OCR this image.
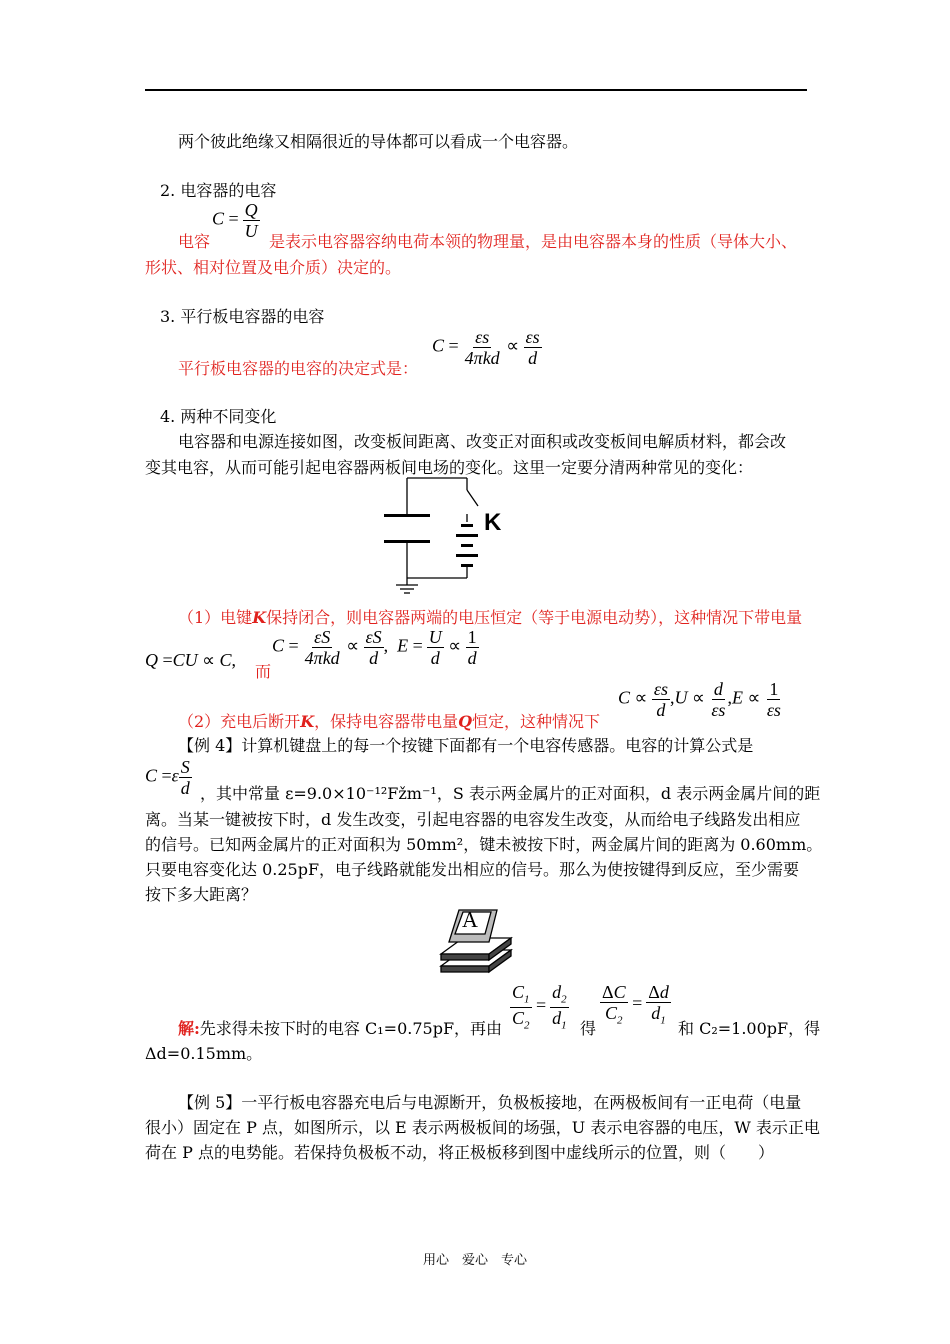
两个彼此绝缘又相隔很近的导体都可以看成一个电容器。
2. 电容器的电容
$C = \frac{Q}{U}$
电容	是表示电容器容纳电荷本领的物理量，是由电容器本身的性质（导体大小、
形状、相对位置及电介质）决定的。
3. 平行板电容器的电容
平行板电容器的电容的决定式是：
$C = \frac{\varepsilon s}{\text{4πkd}} \propto \frac{\varepsilon s}{d}$
4. 两种不同变化
电容器和电源连接如图，改变板间距离、改变正对面积或改变板间电解质材料，都会改
变其电容，从而可能引起电容器两板间电场的变化。这里一定要分清两种常见的变化：
K
（1）电键K保持闭合，则电容器两端的电压恒定（等于电源电动势），这种情况下带电量
Q =CU ∝ C,
而
$C = \frac{\varepsilon S}{\text{4πkd}} \propto \frac{\varepsilon S}{d}$ ,  $E = \frac{U}{d} \propto \frac{1}{d}$
$C \propto \frac{\varepsilon s}{d} ,U \propto \frac{d}{\varepsilon s} ,E \propto \frac{1}{\varepsilon s}$
（2）充电后断开K，保持电容器带电量Q恒定，这种情况下
【例 4】计算机键盘上的每一个按键下面都有一个电容传感器。电容的计算公式是
$C =\varepsilon \frac{S}{d}$ ，其中常量 ε=9.0×10⁻¹²Fžm⁻¹，S 表示两金属片的正对面积，d 表示两金属片间的距
离。当某一键被按下时，d 发生改变，引起电容器的电容发生改变，从而给电子线路发出相应
的信号。已知两金属片的正对面积为 50mm²，键未被按下时，两金属片间的距离为 0.60mm。
只要电容变化达 0.25pF，电子线路就能发出相应的信号。那么为使按键得到反应，至少需要
按下多大距离？
A
$\frac{C_1}{C_2} = \frac{d_2}{d_1} \frac{\Delta C}{C_2} = \frac{\Delta d}{d_1}$
解:先求得未按下时的电容 C₁=0.75pF，再由	得	和 C₂=1.00pF，得
Δd=0.15mm。
【例 5】一平行板电容器充电后与电源断开，负极板接地，在两极板间有一正电荷（电量
很小）固定在 P 点，如图所示，以 E 表示两极板间的场强，U 表示电容器的电压，W 表示正电
荷在 P 点的电势能。若保持负极板不动，将正极板移到图中虚线所示的位置，则（　　）
用心　爱心　专心
